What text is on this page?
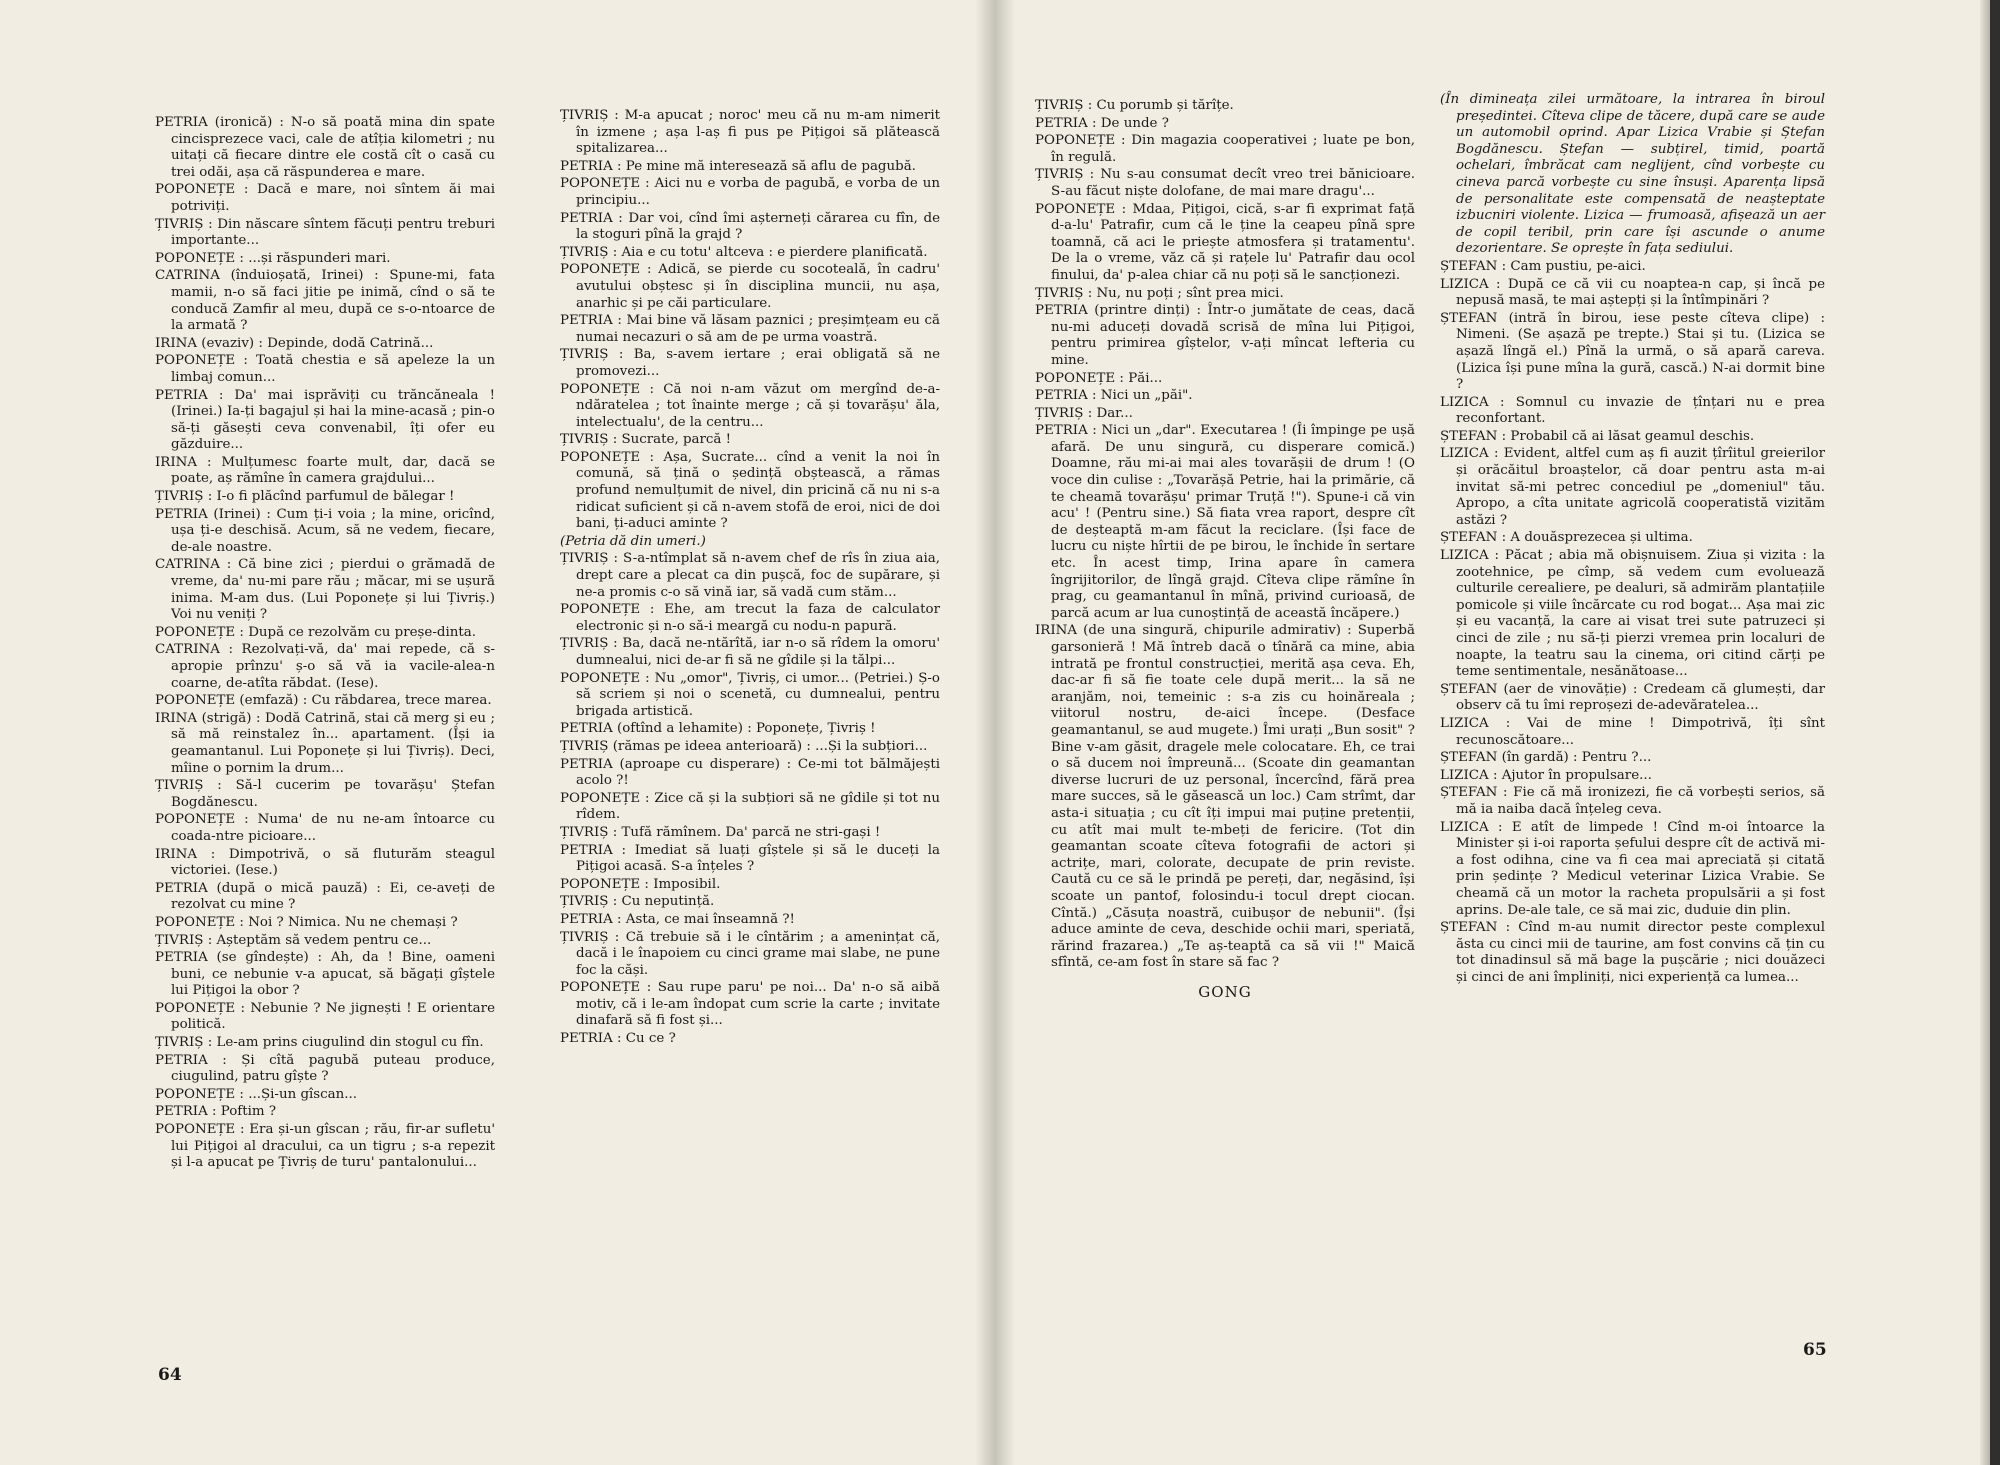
PETRIA (ironică) : N-o să poată mina din spate cincisprezece vaci, cale de atîția kilometri ; nu uitați că fiecare dintre ele costă cît o casă cu trei odăi, așa că răspunderea e mare.

POPONEȚE : Dacă e mare, noi sîntem ăi mai potriviți.

ȚIVRIȘ : Din născare sîntem făcuți pentru treburi importante...

POPONEȚE : ...și răspunderi mari.

CATRINA (înduioșată, Irinei) : Spune-mi, fata mamii, n-o să faci jitie pe inimă, cînd o să te conducă Zamfir al meu, după ce s-o-ntoarce de la armată ?

IRINA (evaziv) : Depinde, dodă Catrină...

POPONEȚE : Toată chestia e să apeleze la un limbaj comun...

PETRIA : Da' mai isprăviți cu trăncăneala ! (Irinei.) Ia-ți bagajul și hai la mine-acasă ; pin-o să-ți găsești ceva convenabil, îți ofer eu găzduire...

IRINA : Mulțumesc foarte mult, dar, dacă se poate, aș rămîne în camera grajdului...

ȚIVRIȘ : I-o fi plăcînd parfumul de bălegar !

PETRIA (Irinei) : Cum ți-i voia ; la mine, oricînd, ușa ți-e deschisă. Acum, să ne vedem, fiecare, de-ale noastre.

CATRINA : Că bine zici ; pierdui o grămadă de vreme, da' nu-mi pare rău ; măcar, mi se ușură inima. M-am dus. (Lui Poponețe și lui Țivriș.) Voi nu veniți ?

POPONEȚE : După ce rezolvăm cu preșe-dinta.

CATRINA : Rezolvați-vă, da' mai repede, că s-apropie prînzu' ș-o să vă ia vacile-alea-n coarne, de-atîta răbdat. (Iese).

POPONEȚE (emfază) : Cu răbdarea, trece marea.

IRINA (strigă) : Dodă Catrină, stai că merg și eu ; să mă reinstalez în... apartament. (Își ia geamantanul. Lui Poponețe și lui Țivriș). Deci, mîine o pornim la drum...

ȚIVRIȘ : Să-l cucerim pe tovarășu' Ștefan Bogdănescu.

POPONEȚE : Numa' de nu ne-am întoarce cu coada-ntre picioare...

IRINA : Dimpotrivă, o să fluturăm steagul victoriei. (Iese.)

PETRIA (după o mică pauză) : Ei, ce-aveți de rezolvat cu mine ?

POPONEȚE : Noi ? Nimica. Nu ne chemași ?

ȚIVRIȘ : Așteptăm să vedem pentru ce...

PETRIA (se gîndește) : Ah, da ! Bine, oameni buni, ce nebunie v-a apucat, să băgați gîștele lui Pițigoi la obor ?

POPONEȚE : Nebunie ? Ne jignești ! E orientare politică.

ȚIVRIȘ : Le-am prins ciugulind din stogul cu fîn.

PETRIA : Și cîtă pagubă puteau produce, ciugulind, patru gîște ?

POPONEȚE : ...Și-un gîscan...

PETRIA : Poftim ?

POPONEȚE : Era și-un gîscan ; rău, fir-ar sufletu' lui Pițigoi al dracului, ca un tigru ; s-a repezit și l-a apucat pe Țivriș de turu' pantalonului...

ȚIVRIȘ : M-a apucat ; noroc' meu că nu m-am nimerit în izmene ; așa l-aș fi pus pe Pițigoi să plătească spitalizarea...

PETRIA : Pe mine mă interesează să aflu de pagubă.

POPONEȚE : Aici nu e vorba de pagubă, e vorba de un principiu...

PETRIA : Dar voi, cînd îmi așterneți cărarea cu fîn, de la stoguri pînă la grajd ?

ȚIVRIȘ : Aia e cu totu' altceva : e pierdere planificată.

POPONEȚE : Adică, se pierde cu socoteală, în cadru' avutului obștesc și în disciplina muncii, nu așa, anarhic și pe căi particulare.

PETRIA : Mai bine vă lăsam paznici ; preșimțeam eu că numai necazuri o să am de pe urma voastră.

ȚIVRIȘ : Ba, s-avem iertare ; erai obligată să ne promovezi...

POPONEȚE : Că noi n-am văzut om mergînd de-a-ndăratelea ; tot înainte merge ; că și tovarășu' ăla, intelectualu', de la centru...

ȚIVRIȘ : Sucrate, parcă !

POPONEȚE : Așa, Sucrate... cînd a venit la noi în comună, să țină o ședință obștească, a rămas profund nemulțumit de nivel, din pricină că nu ni s-a ridicat suficient și că n-avem stofă de eroi, nici de doi bani, ți-aduci aminte ?

(Petria dă din umeri.)

ȚIVRIȘ : S-a-ntîmplat să n-avem chef de rîs în ziua aia, drept care a plecat ca din pușcă, foc de supărare, și ne-a promis c-o să vină iar, să vadă cum stăm...

POPONEȚE : Ehe, am trecut la faza de calculator electronic și n-o să-i meargă cu nodu-n papură.

ȚIVRIȘ : Ba, dacă ne-ntărîtă, iar n-o să rîdem la omoru' dumnealui, nici de-ar fi să ne gîdile și la tălpi...

POPONEȚE : Nu „omor", Țivriș, ci umor... (Petriei.) Ș-o să scriem și noi o scenetă, cu dumnealui, pentru brigada artistică.

PETRIA (oftînd a lehamite) : Poponețe, Țivriș !

ȚIVRIȘ (rămas pe ideea anterioară) : ...Și la subțiori...

PETRIA (aproape cu disperare) : Ce-mi tot bălmăjești acolo ?!

POPONEȚE : Zice că și la subțiori să ne gîdile și tot nu rîdem.

ȚIVRIȘ : Tufă rămînem. Da' parcă ne stri-gași !

PETRIA : Imediat să luați gîștele și să le duceți la Pițigoi acasă. S-a înțeles ?

POPONEȚE : Imposibil.

ȚIVRIȘ : Cu neputință.

PETRIA : Asta, ce mai înseamnă ?!

ȚIVRIȘ : Că trebuie să i le cîntărim ; a amenințat că, dacă i le înapoiem cu cinci grame mai slabe, ne pune foc la căși.

POPONEȚE : Sau rupe paru' pe noi... Da' n-o să aibă motiv, că i le-am îndopat cum scrie la carte ; invitate dinafară să fi fost și...

PETRIA : Cu ce ?

64

ȚIVRIȘ : Cu porumb și tărîțe.

PETRIA : De unde ?

POPONEȚE : Din magazia cooperativei ; luate pe bon, în regulă.

ȚIVRIȘ : Nu s-au consumat decît vreo trei bănicioare. S-au făcut niște dolofane, de mai mare dragu'...

POPONEȚE : Mdaa, Pițigoi, cică, s-ar fi exprimat față d-a-lu' Patrafir, cum că le ține la ceapeu pînă spre toamnă, că aci le priește atmosfera și tratamentu'. De la o vreme, văz că și rațele lu' Patrafir dau ocol finului, da' p-alea chiar că nu poți să le sancționezi.

ȚIVRIȘ : Nu, nu poți ; sînt prea mici.

PETRIA (printre dinți) : Într-o jumătate de ceas, dacă nu-mi aduceți dovadă scrisă de mîna lui Pițigoi, pentru primirea gîștelor, v-ați mîncat lefteria cu mine.

POPONEȚE : Păi...

PETRIA : Nici un „păi".

ȚIVRIȘ : Dar...

PETRIA : Nici un „dar". Executarea ! (Îi împinge pe ușă afară. De unu singură, cu disperare comică.) Doamne, rău mi-ai mai ales tovarășii de drum ! (O voce din culise : „Tovarășă Petrie, hai la primărie, că te cheamă tovarășu' primar Truță !"). Spune-i că vin acu' ! (Pentru sine.) Să fiata vrea raport, despre cît de deșteaptă m-am făcut la reciclare. (Își face de lucru cu niște hîrtii de pe birou, le închide în sertare etc. În acest timp, Irina apare în camera îngrijitorilor, de lîngă grajd. Cîteva clipe rămîne în prag, cu geamantanul în mînă, privind curioasă, de parcă acum ar lua cunoștință de această încăpere.)

IRINA (de una singură, chipurile admirativ) : Superbă garsonieră ! Mă întreb dacă o tînără ca mine, abia intrată pe frontul construcției, merită așa ceva. Eh, dac-ar fi să fie toate cele după merit... la să ne aranjăm, noi, temeinic : s-a zis cu hoinăreala ; viitorul nostru, de-aici începe. (Desface geamantanul, se aud mugete.) Îmi urați „Bun sosit" ? Bine v-am găsit, dragele mele colocatare. Eh, ce trai o să ducem noi împreună... (Scoate din geamantan diverse lucruri de uz personal, încercînd, fără prea mare succes, să le găsească un loc.) Cam strîmt, dar asta-i situația ; cu cît îți impui mai puține pretenții, cu atît mai mult te-mbeți de fericire. (Tot din geamantan scoate cîteva fotografii de actori și actrițe, mari, colorate, decupate de prin reviste. Caută cu ce să le prindă pe pereți, dar, negăsind, își scoate un pantof, folosindu-i tocul drept ciocan. Cîntă.) „Căsuța noastră, cuibușor de nebunii". (Își aduce aminte de ceva, deschide ochii mari, speriată, rărind frazarea.) „Te aș-teaptă ca să vii !" Maică sfîntă, ce-am fost în stare să fac ?

GONG

(În dimineața zilei următoare, la intrarea în biroul președintei. Cîteva clipe de tăcere, după care se aude un automobil oprind. Apar Lizica Vrabie și Ștefan Bogdănescu. Ștefan — subțirel, timid, poartă ochelari, îmbrăcat cam neglijent, cînd vorbește cu cineva parcă vorbește cu sine însuși. Aparența lipsă de personalitate este compensată de neașteptate izbucniri violente. Lizica — frumoasă, afișează un aer de copil teribil, prin care își ascunde o anume dezorientare. Se oprește în fața sediului.

ȘTEFAN : Cam pustiu, pe-aici.

LIZICA : După ce că vii cu noaptea-n cap, și încă pe nepusă masă, te mai aștepți și la întîmpinări ?

ȘTEFAN (intră în birou, iese peste cîteva clipe) : Nimeni. (Se așază pe trepte.) Stai și tu. (Lizica se așază lîngă el.) Pînă la urmă, o să apară careva. (Lizica își pune mîna la gură, cască.) N-ai dormit bine ?

LIZICA : Somnul cu invazie de țînțari nu e prea reconfortant.

ȘTEFAN : Probabil că ai lăsat geamul deschis.

LIZICA : Evident, altfel cum aș fi auzit țîrîitul greierilor și orăcăitul broaștelor, că doar pentru asta m-ai invitat să-mi petrec concediul pe „domeniul" tău. Apropo, a cîta unitate agricolă cooperatistă vizităm astăzi ?

ȘTEFAN : A douăsprezecea și ultima.

LIZICA : Păcat ; abia mă obișnuisem. Ziua și vizita : la zootehnice, pe cîmp, să vedem cum evoluează culturile cerealiere, pe dealuri, să admirăm plantațiile pomicole și viile încărcate cu rod bogat... Așa mai zic și eu vacanță, la care ai visat trei sute patruzeci și cinci de zile ; nu să-ți pierzi vremea prin localuri de noapte, la teatru sau la cinema, ori citind cărți pe teme sentimentale, nesănătoase...

ȘTEFAN (aer de vinovăție) : Credeam că glumești, dar observ că tu îmi reproșezi de-adevăratelea...

LIZICA : Vai de mine ! Dimpotrivă, îți sînt recunoscătoare...

ȘTEFAN (în gardă) : Pentru ?...

LIZICA : Ajutor în propulsare...

ȘTEFAN : Fie că mă ironizezi, fie că vorbești serios, să mă ia naiba dacă înțeleg ceva.

LIZICA : E atît de limpede ! Cînd m-oi întoarce la Minister și i-oi raporta șefului despre cît de activă mi-a fost odihna, cine va fi cea mai apreciată și citată prin ședințe ? Medicul veterinar Lizica Vrabie. Se cheamă că un motor la racheta propulsării a și fost aprins. De-ale tale, ce să mai zic, duduie din plin.

ȘTEFAN : Cînd m-au numit director peste complexul ăsta cu cinci mii de taurine, am fost convins că țin cu tot dinadinsul să mă bage la pușcărie ; nici douăzeci și cinci de ani împliniți, nici experiență ca lumea...

65
